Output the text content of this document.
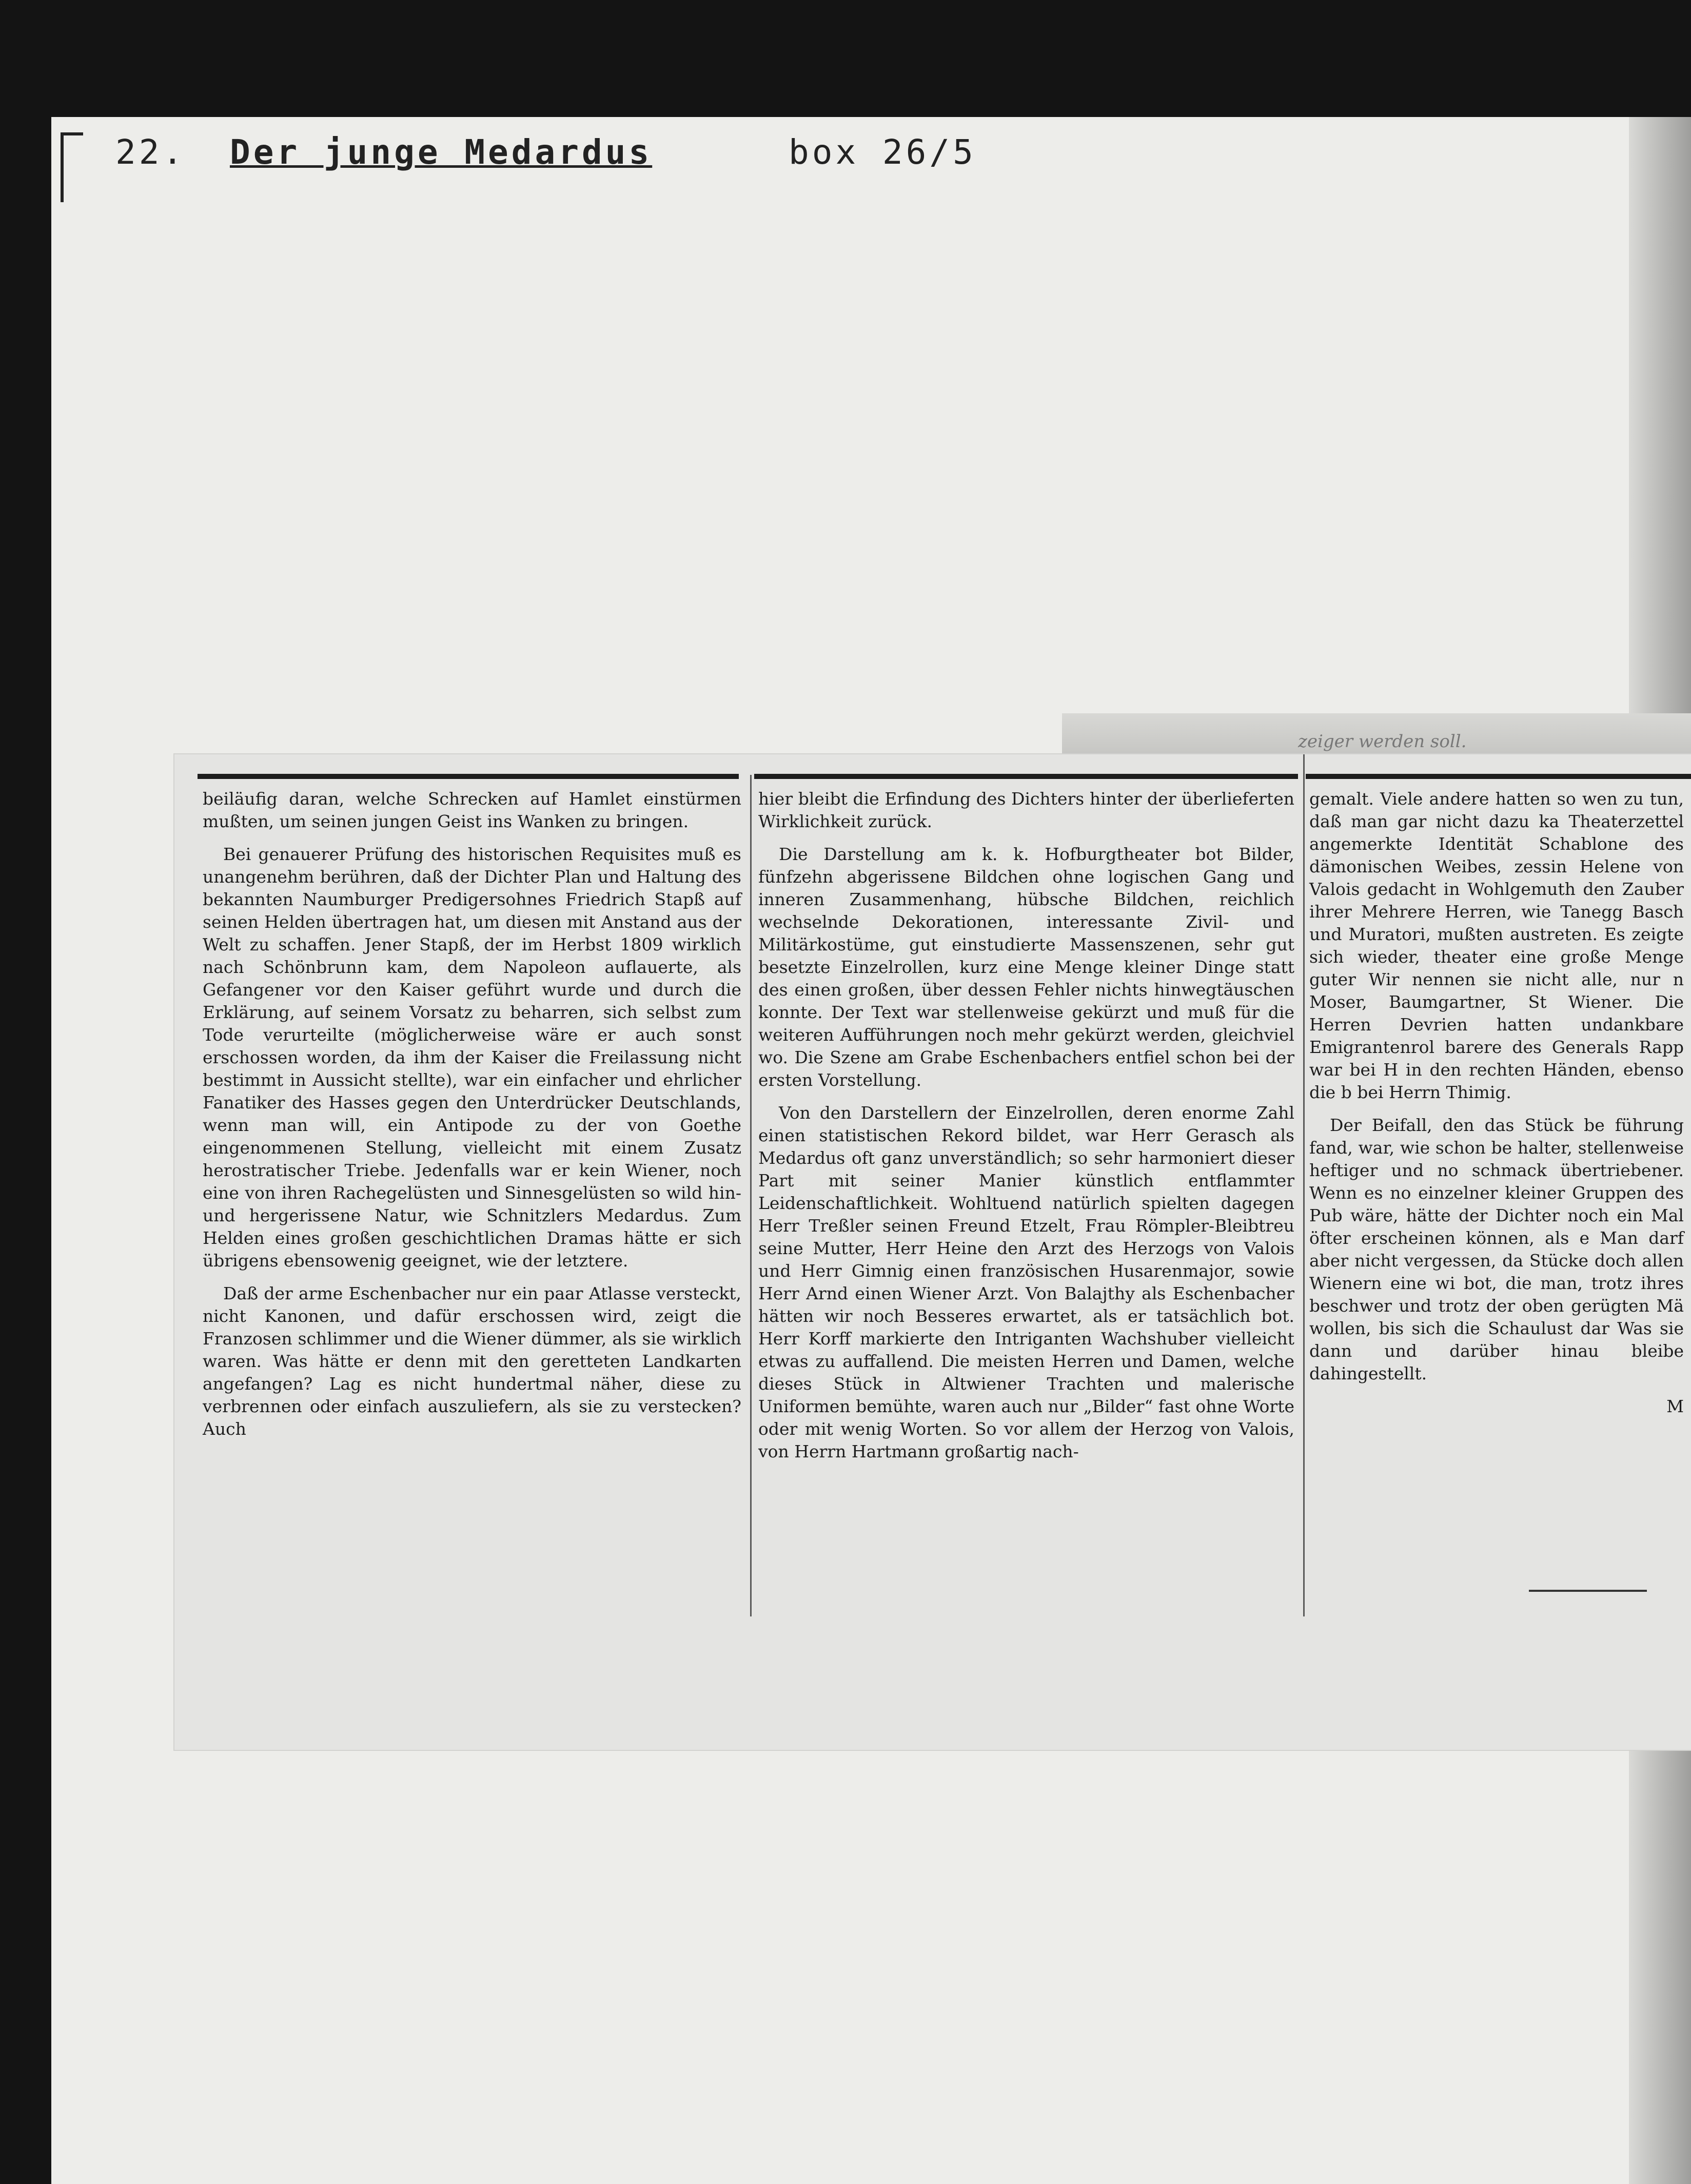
22. Der junge Medardus	box 26/5
zeiger werden soll.

beiläufig daran, welche Schrecken auf Hamlet einstürmen mußten, um seinen jungen Geist ins Wanken zu bringen.

Bei genauerer Prüfung des historischen Requisites muß es unangenehm berühren, daß der Dichter Plan und Haltung des bekannten Naumburger Predigersohnes Friedrich Stapß auf seinen Helden übertragen hat, um diesen mit Anstand aus der Welt zu schaffen. Jener Stapß, der im Herbst 1809 wirklich nach Schönbrunn kam, dem Napoleon auflauerte, als Gefangener vor den Kaiser geführt wurde und durch die Erklärung, auf seinem Vorsatz zu beharren, sich selbst zum Tode verurteilte (möglicherweise wäre er auch sonst erschossen worden, da ihm der Kaiser die Freilassung nicht bestimmt in Aussicht stellte), war ein einfacher und ehrlicher Fanatiker des Hasses gegen den Unterdrücker Deutschlands, wenn man will, ein Antipode zu der von Goethe eingenommenen Stellung, vielleicht mit einem Zusatz herostratischer Triebe. Jedenfalls war er kein Wiener, noch eine von ihren Rachegelüsten und Sinnesgelüsten so wild hin- und hergerissene Natur, wie Schnitzlers Medardus. Zum Helden eines großen geschichtlichen Dramas hätte er sich übrigens ebensowenig geeignet, wie der letztere.

Daß der arme Eschenbacher nur ein paar Atlasse versteckt, nicht Kanonen, und dafür erschossen wird, zeigt die Franzosen schlimmer und die Wiener dümmer, als sie wirklich waren. Was hätte er denn mit den geretteten Landkarten angefangen? Lag es nicht hundertmal näher, diese zu verbrennen oder einfach auszuliefern, als sie zu verstecken? Auch

hier bleibt die Erfindung des Dichters hinter der überlieferten Wirklichkeit zurück.

Die Darstellung am k. k. Hofburgtheater bot Bilder, fünfzehn abgerissene Bildchen ohne logischen Gang und inneren Zusammenhang, hübsche Bildchen, reichlich wechselnde Dekorationen, interessante Zivil- und Militärkostüme, gut einstudierte Massenszenen, sehr gut besetzte Einzelrollen, kurz eine Menge kleiner Dinge statt des einen großen, über dessen Fehler nichts hinwegtäuschen konnte. Der Text war stellenweise gekürzt und muß für die weiteren Aufführungen noch mehr gekürzt werden, gleichviel wo. Die Szene am Grabe Eschenbachers entfiel schon bei der ersten Vorstellung.

Von den Darstellern der Einzelrollen, deren enorme Zahl einen statistischen Rekord bildet, war Herr Gerasch als Medardus oft ganz unverständlich; so sehr harmoniert dieser Part mit seiner Manier künstlich entflammter Leidenschaftlichkeit. Wohltuend natürlich spielten dagegen Herr Treßler seinen Freund Etzelt, Frau Römpler-Bleibtreu seine Mutter, Herr Heine den Arzt des Herzogs von Valois und Herr Gimnig einen französischen Husarenmajor, sowie Herr Arnd einen Wiener Arzt. Von Balajthy als Eschenbacher hätten wir noch Besseres erwartet, als er tatsächlich bot. Herr Korff markierte den Intriganten Wachshuber vielleicht etwas zu auffallend. Die meisten Herren und Damen, welche dieses Stück in Altwiener Trachten und malerische Uniformen bemühte, waren auch nur „Bilder“ fast ohne Worte oder mit wenig Worten. So vor allem der Herzog von Valois, von Herrn Hartmann großartig nach-

gemalt. Viele andere hatten so wen zu tun, daß man gar nicht dazu ka Theaterzettel angemerkte Identität Schablone des dämonischen Weibes, zessin Helene von Valois gedacht in Wohlgemuth den Zauber ihrer Mehrere Herren, wie Tanegg Basch und Muratori, mußten austreten. Es zeigte sich wieder, theater eine große Menge guter Wir nennen sie nicht alle, nur n Moser, Baumgartner, St Wiener. Die Herren Devrien hatten undankbare Emigrantenrol barere des Generals Rapp war bei H in den rechten Händen, ebenso die b bei Herrn Thimig.

Der Beifall, den das Stück be führung fand, war, wie schon be halter, stellenweise heftiger und no schmack übertriebener. Wenn es no einzelner kleiner Gruppen des Pub wäre, hätte der Dichter noch ein Mal öfter erscheinen können, als e Man darf aber nicht vergessen, da Stücke doch allen Wienern eine wi bot, die man, trotz ihres beschwer und trotz der oben gerügten Mä wollen, bis sich die Schaulust dar Was sie dann und darüber hinau bleibe dahingestellt.

M
